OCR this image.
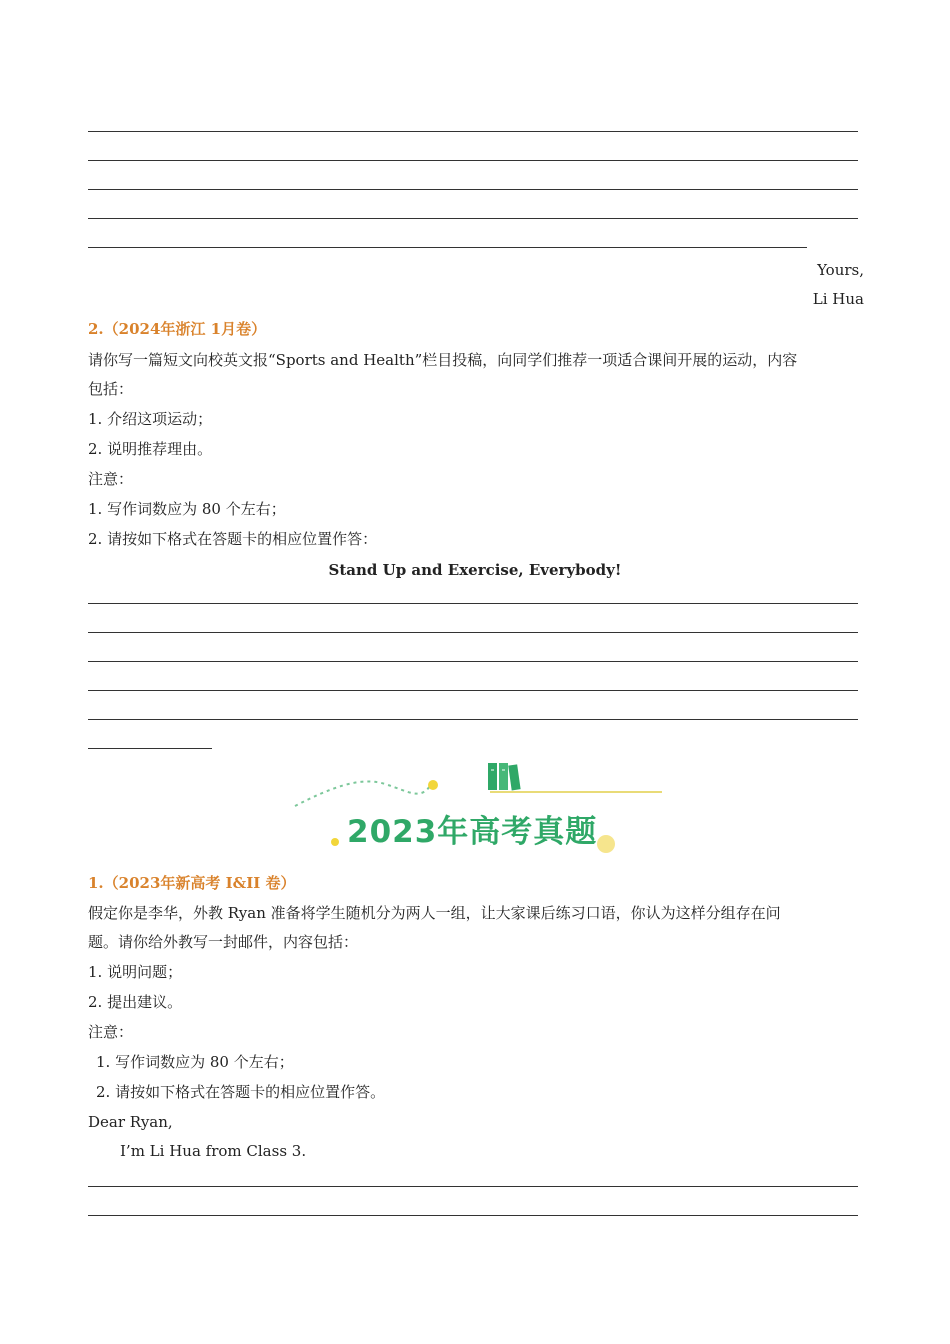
Yours,
Li Hua
2.（2024年浙江 1月卷）
请你写一篇短文向校英文报“Sports and Health”栏目投稿，向同学们推荐一项适合课间开展的运动，内容
包括：
1. 介绍这项运动；
2. 说明推荐理由。
注意：
1. 写作词数应为 80 个左右；
2. 请按如下格式在答题卡的相应位置作答：
Stand Up and Exercise, Everybody!
2023年高考真题
1.（2023年新高考 I&II 卷）
假定你是李华，外教 Ryan 准备将学生随机分为两人一组，让大家课后练习口语，你认为这样分组存在问
题。请你给外教写一封邮件，内容包括：
1. 说明问题；
2. 提出建议。
注意：
1. 写作词数应为 80 个左右；
2. 请按如下格式在答题卡的相应位置作答。
Dear Ryan,
I’m Li Hua from Class 3.
